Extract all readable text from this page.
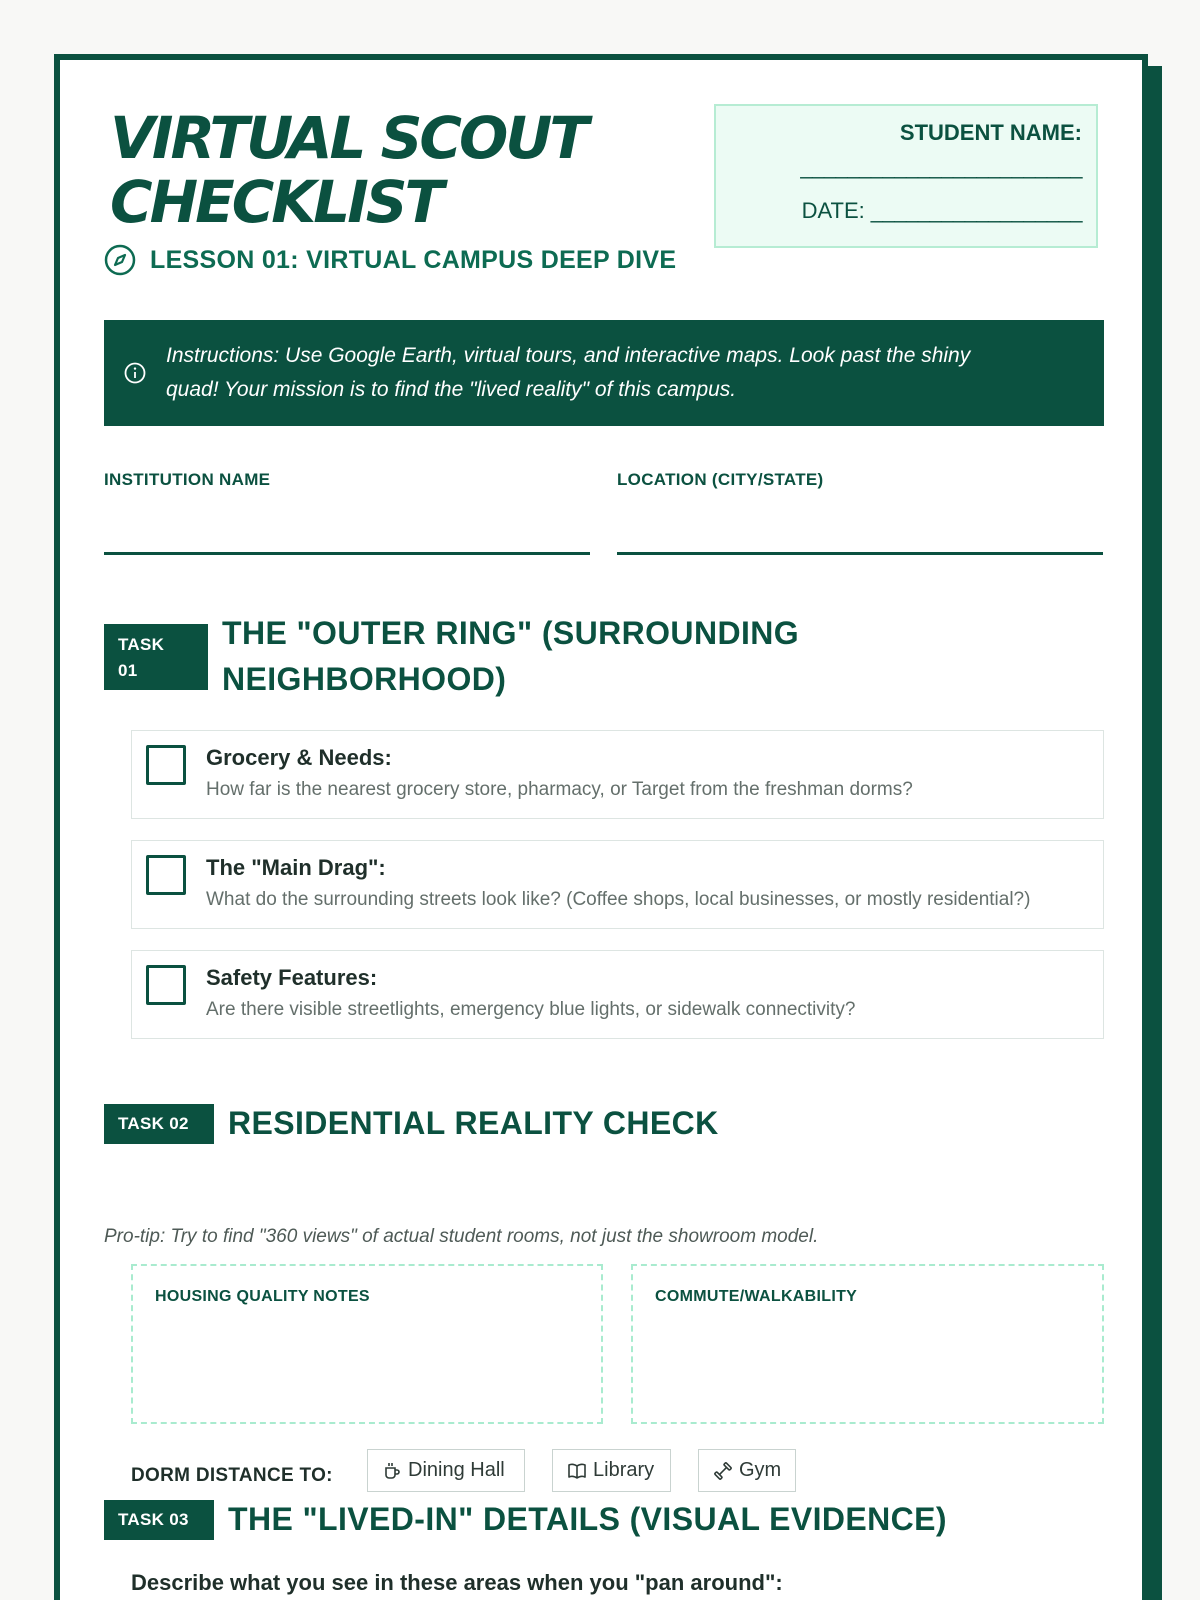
VIRTUAL SCOUT
CHECKLIST
LESSON 01: VIRTUAL CAMPUS DEEP DIVE
STUDENT NAME:
________________________
DATE: __________________
Instructions: Use Google Earth, virtual tours, and interactive maps. Look past the shiny
quad! Your mission is to find the "lived reality" of this campus.
INSTITUTION NAME	LOCATION (CITY/STATE)
TASK
01
THE "OUTER RING" (SURROUNDING
NEIGHBORHOOD)
Grocery & Needs:
How far is the nearest grocery store, pharmacy, or Target from the freshman dorms?
The "Main Drag":
What do the surrounding streets look like? (Coffee shops, local businesses, or mostly residential?)
Safety Features:
Are there visible streetlights, emergency blue lights, or sidewalk connectivity?
TASK 02	RESIDENTIAL REALITY CHECK
Pro-tip: Try to find "360 views" of actual student rooms, not just the showroom model.
HOUSING QUALITY NOTES	COMMUTE/WALKABILITY
DORM DISTANCE TO:	Dining Hall	Library	Gym
TASK 03	THE "LIVED-IN" DETAILS (VISUAL EVIDENCE)
Describe what you see in these areas when you "pan around":
